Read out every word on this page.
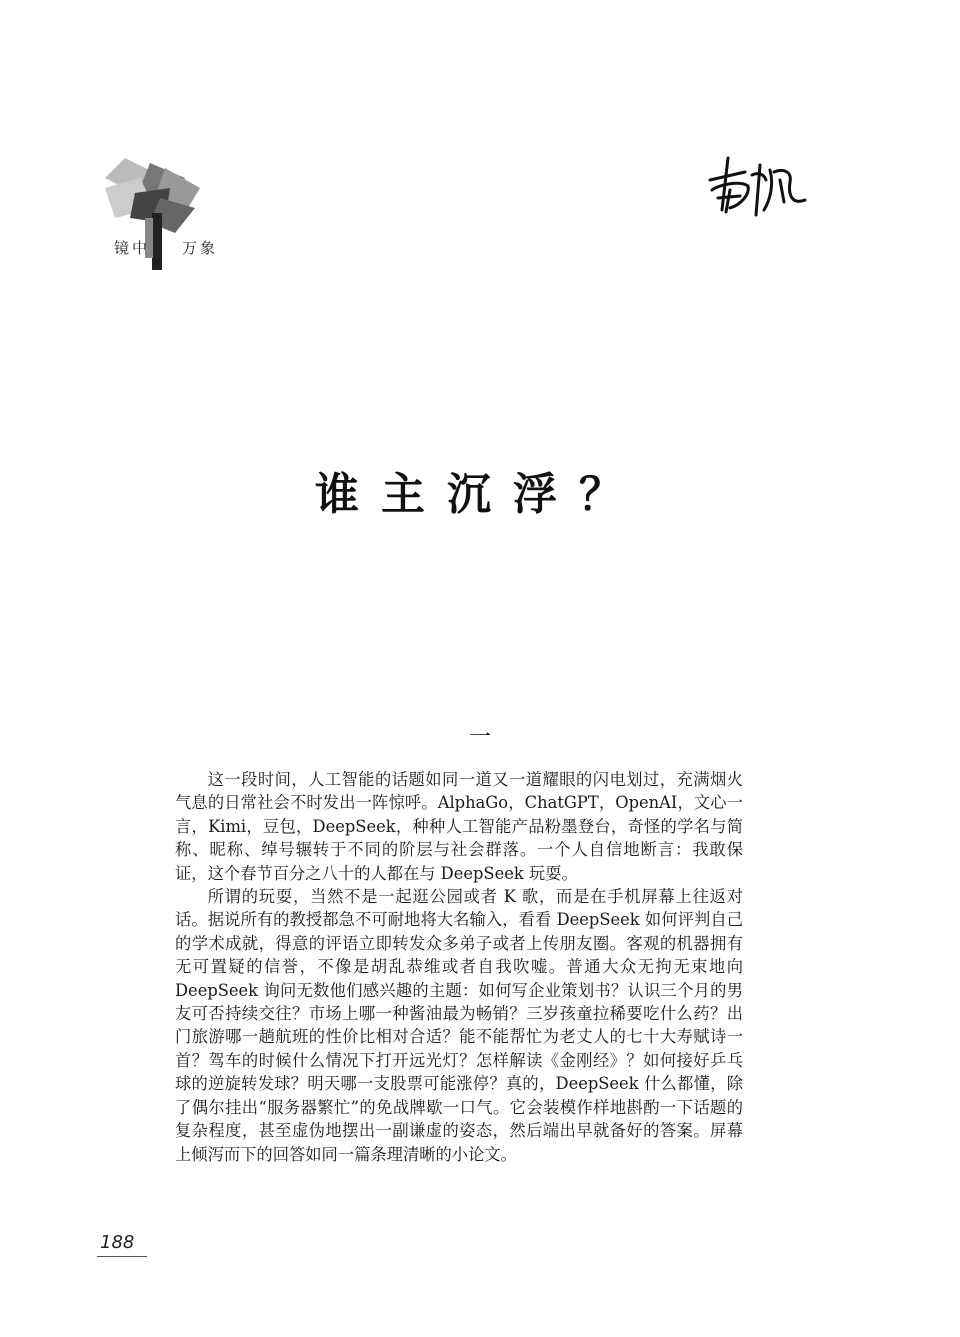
镜中 万象
谁主沉浮？
一

这一段时间，人工智能的话题如同一道又一道耀眼的闪电划过，充满烟火气息的日常社会不时发出一阵惊呼。AlphaGo，ChatGPT，OpenAI，文心一言，Kimi，豆包，DeepSeek，种种人工智能产品粉墨登台，奇怪的学名与简称、昵称、绰号辗转于不同的阶层与社会群落。一个人自信地断言：我敢保证，这个春节百分之八十的人都在与 DeepSeek 玩耍。

所谓的玩耍，当然不是一起逛公园或者 K 歌，而是在手机屏幕上往返对话。据说所有的教授都急不可耐地将大名输入，看看 DeepSeek 如何评判自己的学术成就，得意的评语立即转发众多弟子或者上传朋友圈。客观的机器拥有无可置疑的信誉，不像是胡乱恭维或者自我吹嘘。普通大众无拘无束地向 DeepSeek 询问无数他们感兴趣的主题：如何写企业策划书？认识三个月的男友可否持续交往？市场上哪一种酱油最为畅销？三岁孩童拉稀要吃什么药？出门旅游哪一趟航班的性价比相对合适？能不能帮忙为老丈人的七十大寿赋诗一首？驾车的时候什么情况下打开远光灯？怎样解读《金刚经》？如何接好乒乓球的逆旋转发球？明天哪一支股票可能涨停？真的，DeepSeek 什么都懂，除了偶尔挂出“服务器繁忙”的免战牌歇一口气。它会装模作样地斟酌一下话题的复杂程度，甚至虚伪地摆出一副谦虚的姿态，然后端出早就备好的答案。屏幕上倾泻而下的回答如同一篇条理清晰的小论文。

188
